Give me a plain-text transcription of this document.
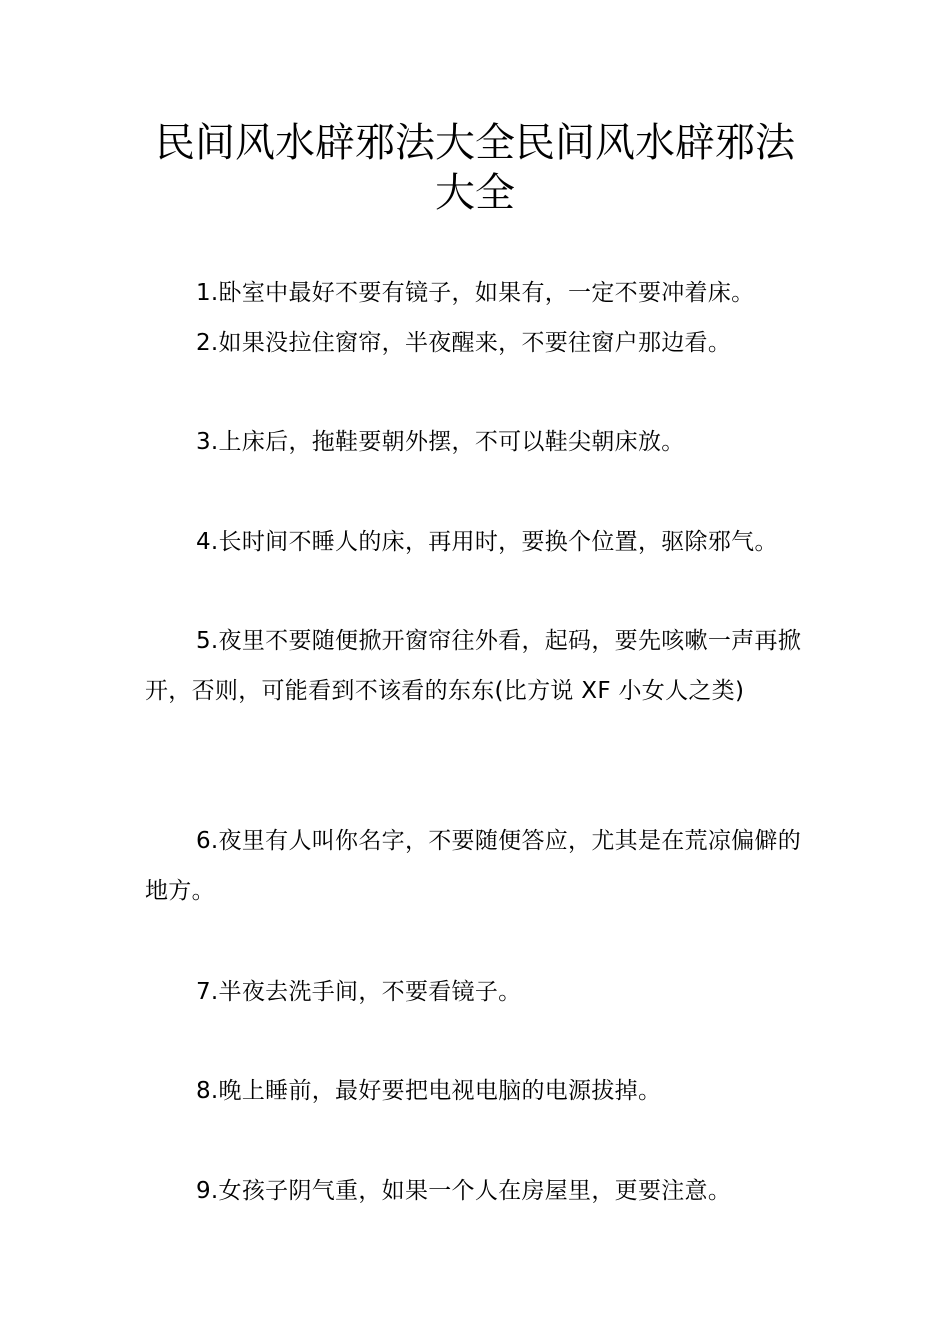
民间风水辟邪法大全民间风水辟邪法大全

1.卧室中最好不要有镜子，如果有，一定不要冲着床。

2.如果没拉住窗帘，半夜醒来，不要往窗户那边看。

3.上床后，拖鞋要朝外摆，不可以鞋尖朝床放。

4.长时间不睡人的床，再用时，要换个位置，驱除邪气。

5.夜里不要随便掀开窗帘往外看，起码，要先咳嗽一声再掀开，否则，可能看到不该看的东东(比方说 XF 小女人之类)

6.夜里有人叫你名字，不要随便答应，尤其是在荒凉偏僻的地方。

7.半夜去洗手间，不要看镜子。

8.晚上睡前，最好要把电视电脑的电源拔掉。

9.女孩子阴气重，如果一个人在房屋里，更要注意。
